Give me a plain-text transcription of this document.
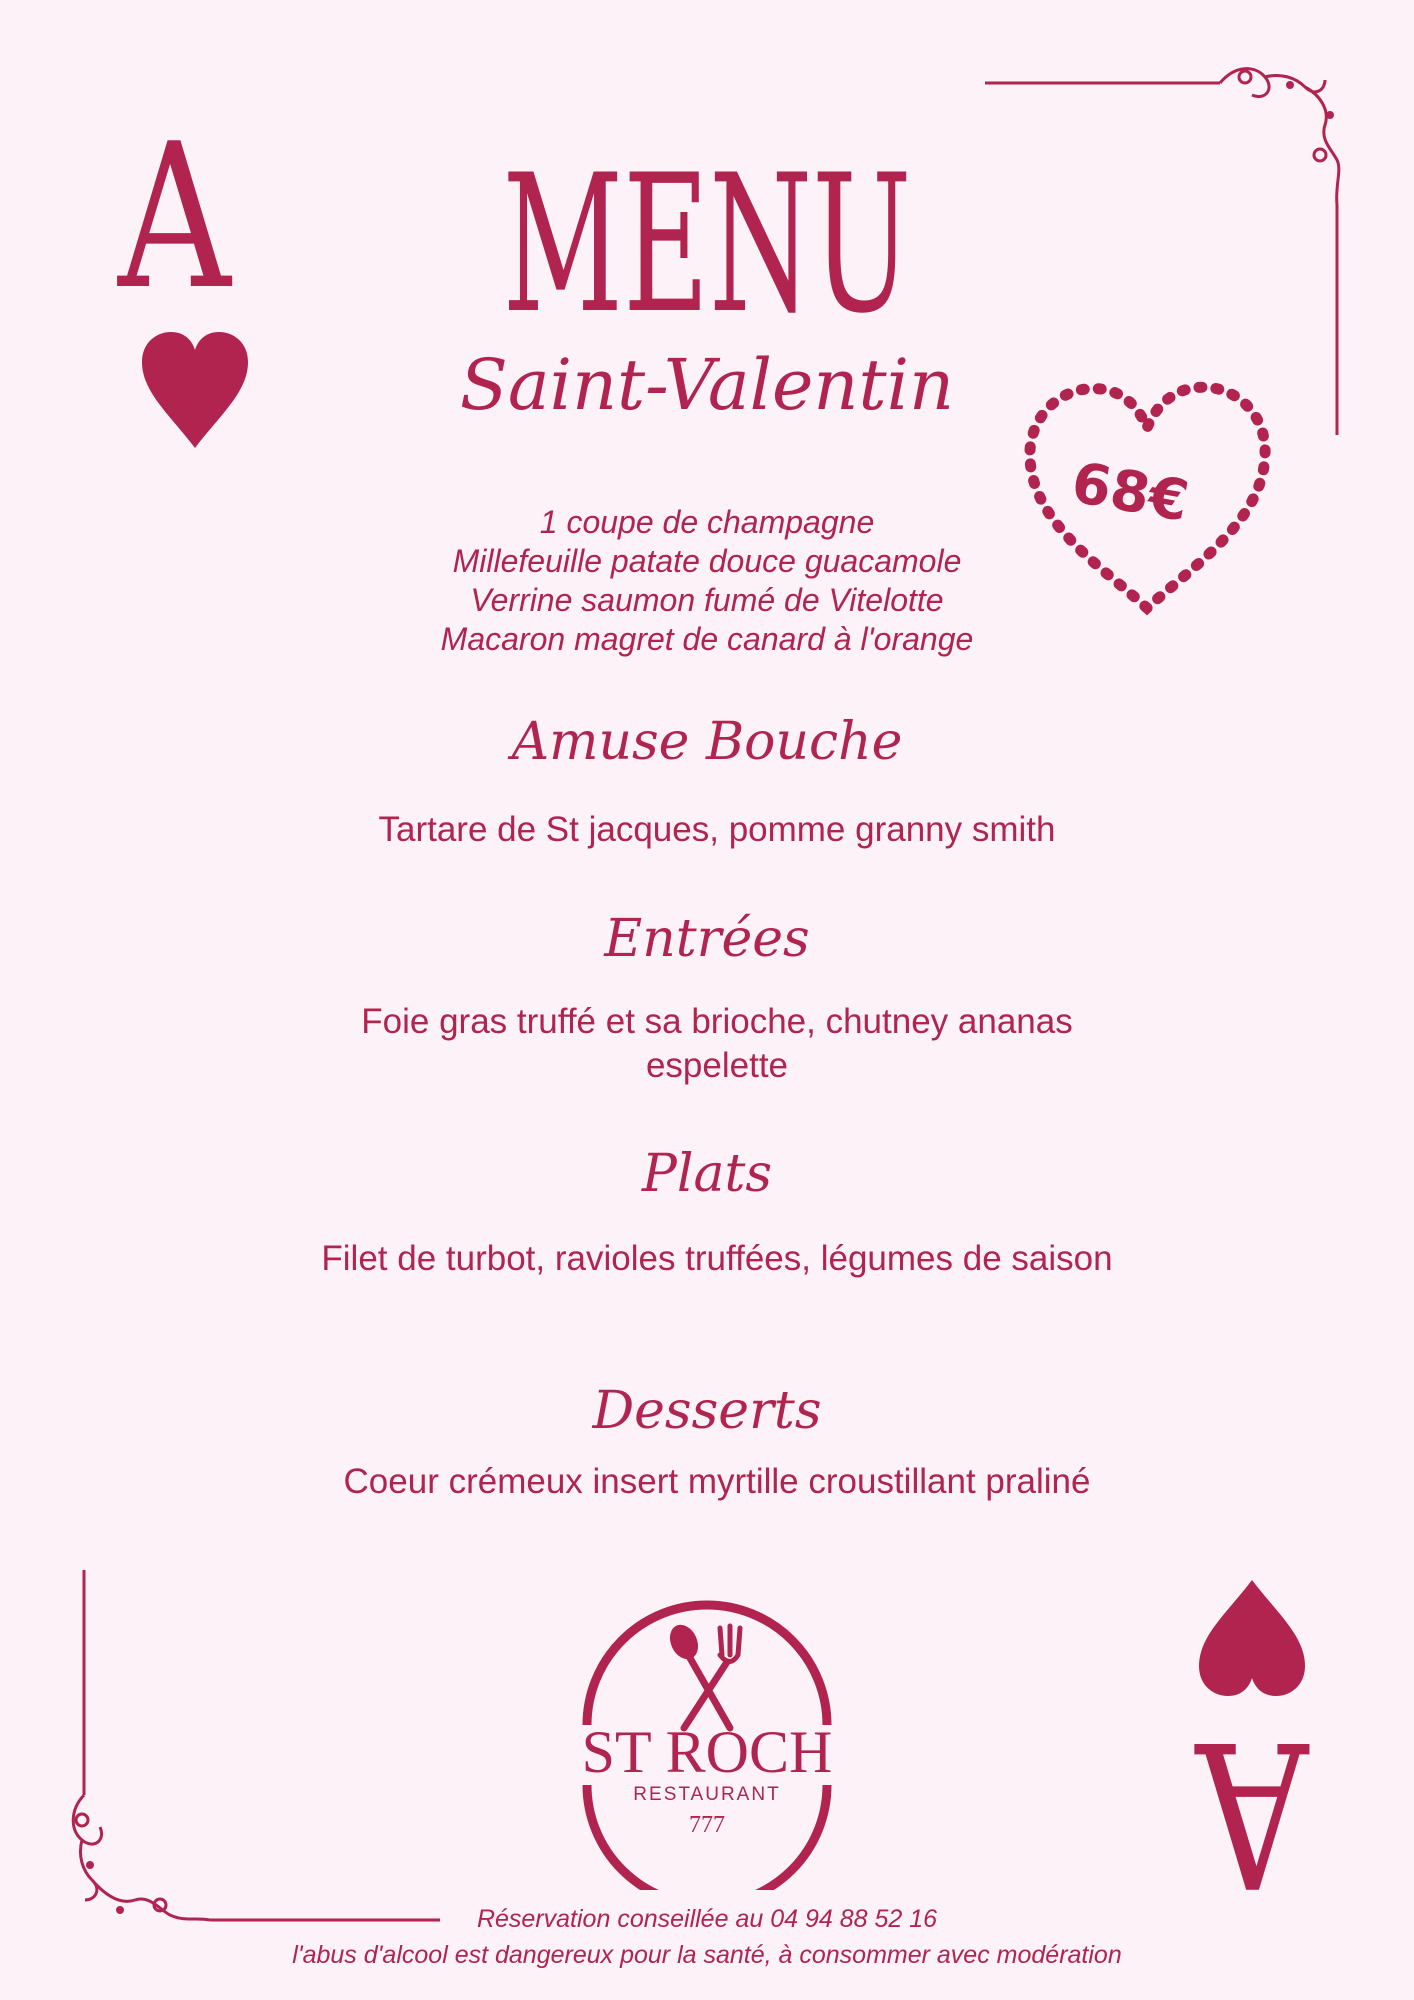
A
A
MENU
Saint-Valentin
68€
1 coupe de champagne
Millefeuille patate douce guacamole
Verrine saumon fumé de Vitelotte
Macaron magret de canard à l'orange
Amuse Bouche
Tartare de St jacques, pomme granny smith
Entrées
Foie gras truffé et sa brioche, chutney ananas espelette
Plats
Filet de turbot, ravioles truffées, légumes de saison
Desserts
Coeur crémeux insert myrtille croustillant praliné
ST ROCH
RESTAURANT
777
Réservation conseillée au 04 94 88 52 16
l'abus d'alcool est dangereux pour la santé, à consommer avec modération
